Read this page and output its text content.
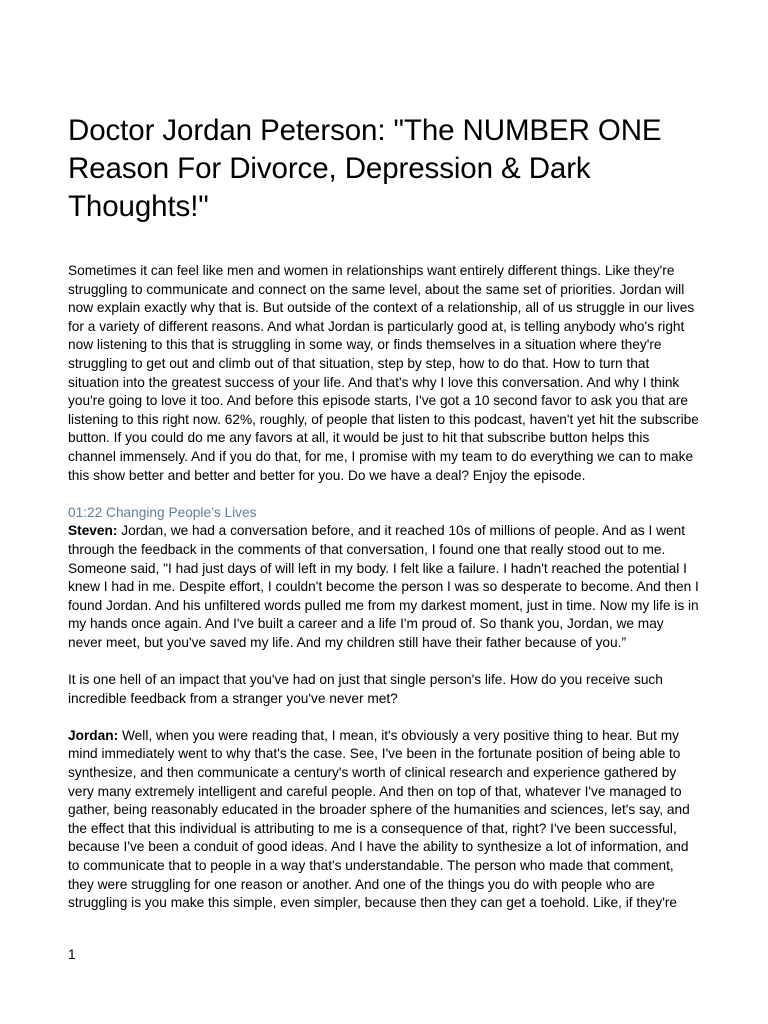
Doctor Jordan Peterson: "The NUMBER ONE Reason For Divorce, Depression & Dark Thoughts!"

Sometimes it can feel like men and women in relationships want entirely different things. Like they're struggling to communicate and connect on the same level, about the same set of priorities. Jordan will now explain exactly why that is. But outside of the context of a relationship, all of us struggle in our lives for a variety of different reasons. And what Jordan is particularly good at, is telling anybody who's right now listening to this that is struggling in some way, or finds themselves in a situation where they're struggling to get out and climb out of that situation, step by step, how to do that. How to turn that situation into the greatest success of your life. And that's why I love this conversation. And why I think you're going to love it too. And before this episode starts, I've got a 10 second favor to ask you that are listening to this right now. 62%, roughly, of people that listen to this podcast, haven't yet hit the subscribe button. If you could do me any favors at all, it would be just to hit that subscribe button helps this channel immensely. And if you do that, for me, I promise with my team to do everything we can to make this show better and better and better for you. Do we have a deal? Enjoy the episode.

01:22 Changing People’s Lives

Steven: Jordan, we had a conversation before, and it reached 10s of millions of people. And as I went through the feedback in the comments of that conversation, I found one that really stood out to me. Someone said, "I had just days of will left in my body. I felt like a failure. I hadn't reached the potential I knew I had in me. Despite effort, I couldn't become the person I was so desperate to become. And then I found Jordan. And his unfiltered words pulled me from my darkest moment, just in time. Now my life is in my hands once again. And I've built a career and a life I'm proud of. So thank you, Jordan, we may never meet, but you've saved my life. And my children still have their father because of you.”

It is one hell of an impact that you've had on just that single person's life. How do you receive such incredible feedback from a stranger you've never met?

Jordan: Well, when you were reading that, I mean, it's obviously a very positive thing to hear. But my mind immediately went to why that's the case. See, I've been in the fortunate position of being able to synthesize, and then communicate a century's worth of clinical research and experience gathered by very many extremely intelligent and careful people. And then on top of that, whatever I've managed to gather, being reasonably educated in the broader sphere of the humanities and sciences, let's say, and the effect that this individual is attributing to me is a consequence of that, right? I've been successful, because I've been a conduit of good ideas. And I have the ability to synthesize a lot of information, and to communicate that to people in a way that's understandable. The person who made that comment, they were struggling for one reason or another. And one of the things you do with people who are struggling is you make this simple, even simpler, because then they can get a toehold. Like, if they're

1
